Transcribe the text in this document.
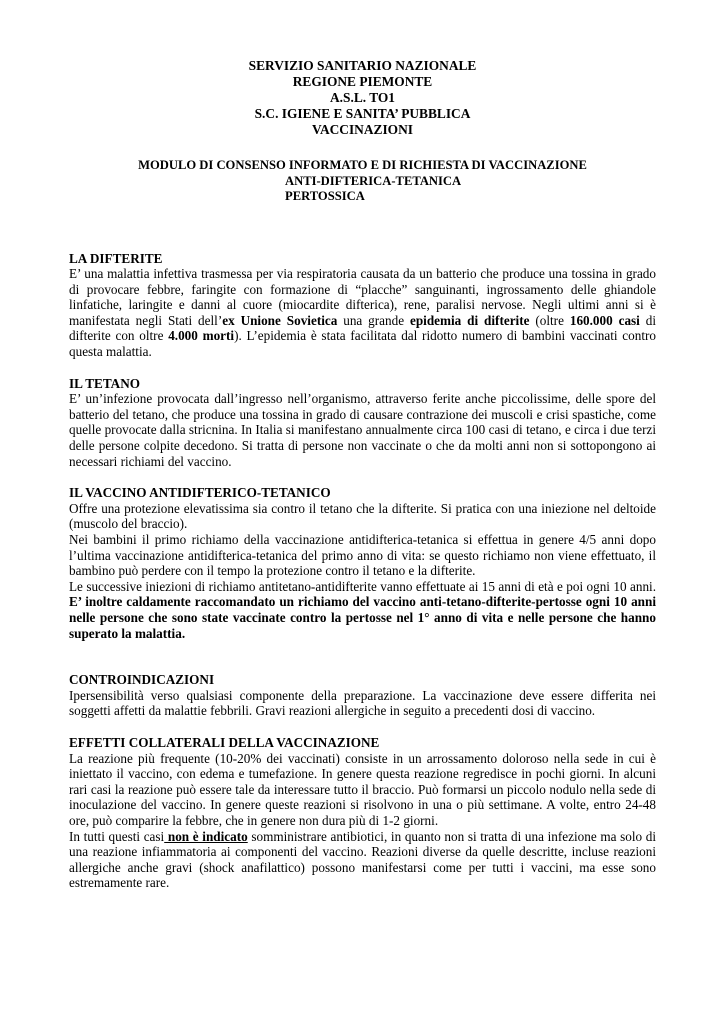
SERVIZIO SANITARIO NAZIONALE
REGIONE PIEMONTE
A.S.L. TO1
S.C. IGIENE E SANITA’ PUBBLICA
VACCINAZIONI
MODULO DI CONSENSO INFORMATO E DI RICHIESTA DI VACCINAZIONE
ANTI-DIFTERICA-TETANICA
PERTOSSICA
LA DIFTERITE

E’ una malattia infettiva trasmessa per via respiratoria causata da un batterio che produce una tossina in grado di provocare febbre, faringite con formazione di “placche” sanguinanti, ingrossamento delle ghiandole linfatiche, laringite e danni al cuore (miocardite difterica), rene, paralisi nervose. Negli ultimi anni si è manifestata negli Stati dell’ex Unione Sovietica una grande epidemia di difterite (oltre 160.000 casi di difterite con oltre 4.000 morti). L’epidemia è stata facilitata dal ridotto numero di bambini vaccinati contro questa malattia.

IL TETANO

E’ un’infezione provocata dall’ingresso nell’organismo, attraverso ferite anche piccolissime, delle spore del batterio del tetano, che produce una tossina in grado di causare contrazione dei muscoli e crisi spastiche, come quelle provocate dalla stricnina. In Italia si manifestano annualmente circa 100 casi di tetano, e circa i due terzi delle persone colpite decedono. Si tratta di persone non vaccinate o che da molti anni non si sottopongono ai necessari richiami del vaccino.

IL VACCINO ANTIDIFTERICO-TETANICO

Offre una protezione elevatissima sia contro il tetano che la difterite. Si pratica con una iniezione nel deltoide (muscolo del braccio).

Nei bambini il primo richiamo della vaccinazione antidifterica-tetanica si effettua in genere 4/5 anni dopo l’ultima vaccinazione antidifterica-tetanica del primo anno di vita: se questo richiamo non viene effettuato, il bambino può perdere con il tempo la protezione contro il tetano e la difterite.

Le successive iniezioni di richiamo antitetano-antidifterite vanno effettuate ai 15 anni di età e poi ogni 10 anni. E’ inoltre caldamente raccomandato un richiamo del vaccino anti-tetano-difterite-pertosse ogni 10 anni nelle persone che sono state vaccinate contro la pertosse nel 1° anno di vita e nelle persone che hanno superato la malattia.

CONTROINDICAZIONI

Ipersensibilità verso qualsiasi componente della preparazione. La vaccinazione deve essere differita nei soggetti affetti da malattie febbrili. Gravi reazioni allergiche in seguito a precedenti dosi di vaccino.

EFFETTI COLLATERALI DELLA VACCINAZIONE

La reazione più frequente (10-20% dei vaccinati) consiste in un arrossamento doloroso nella sede in cui è iniettato il vaccino, con edema e tumefazione. In genere questa reazione regredisce in pochi giorni. In alcuni rari casi la reazione può essere tale da interessare tutto il braccio. Può formarsi un piccolo nodulo nella sede di inoculazione del vaccino. In genere queste reazioni si risolvono in una o più settimane. A volte, entro 24-48 ore, può comparire la febbre, che in genere non dura più di 1-2 giorni.

In tutti questi casi non è indicato somministrare antibiotici, in quanto non si tratta di una infezione ma solo di una reazione infiammatoria ai componenti del vaccino. Reazioni diverse da quelle descritte, incluse reazioni allergiche anche gravi (shock anafilattico) possono manifestarsi come per tutti i vaccini, ma esse sono estremamente rare.
